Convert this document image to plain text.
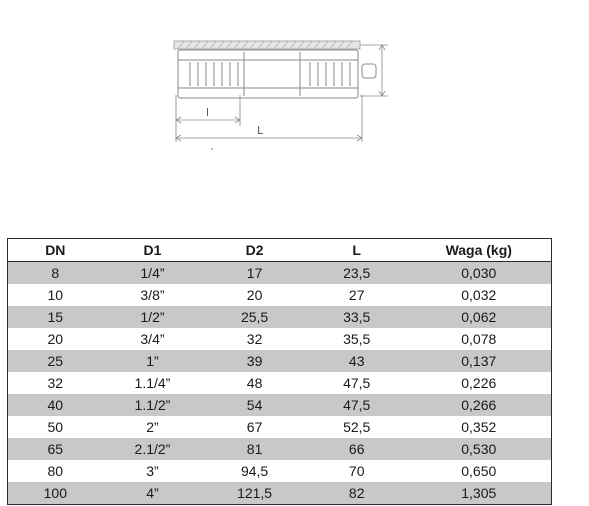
l
L
DN	D1	D2	L	Waga (kg)
8	1/4”	17	23,5	0,030
10	3/8”	20	27	0,032
15	1/2”	25,5	33,5	0,062
20	3/4”	32	35,5	0,078
25	1”	39	43	0,137
32	1.1/4”	48	47,5	0,226
40	1.1/2”	54	47,5	0,266
50	2”	67	52,5	0,352
65	2.1/2”	81	66	0,530
80	3”	94,5	70	0,650
100	4”	121,5	82	1,305
